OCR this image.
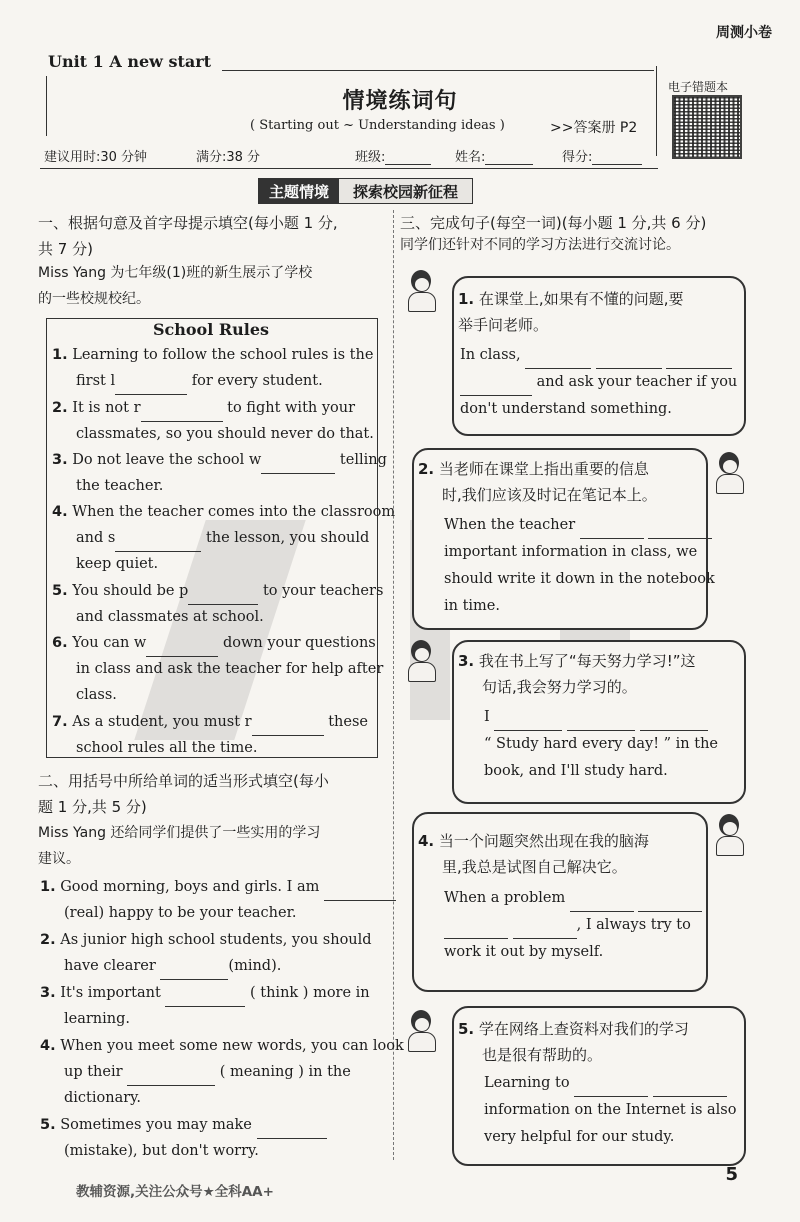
周测小卷
Unit 1 A new start
情境练词句
( Starting out ~ Understanding ideas )	>>答案册 P2
电子错题本
建议用时:30 分钟	满分:38 分	班级:	姓名:	得分:
主题情境	探索校园新征程
一、根据句意及首字母提示填空(每小题 1 分,
共 7 分)
Miss Yang 为七年级(1)班的新生展示了学校
的一些校规校纪。
School Rules
1. Learning to follow the school rules is the
first l	for every student.
2. It is not r	to fight with your
classmates, so you should never do that.
3. Do not leave the school w	telling
the teacher.
4. When the teacher comes into the classroom
and s	the lesson, you should
keep quiet.
5. You should be p	to your teachers
and classmates at school.
6. You can w	down your questions
in class and ask the teacher for help after
class.
7. As a student, you must r	these
school rules all the time.
二、用括号中所给单词的适当形式填空(每小
题 1 分,共 5 分)
Miss Yang 还给同学们提供了一些实用的学习
建议。
1. Good morning, boys and girls. I am
(real) happy to be your teacher.
2. As junior high school students, you should
have clearer	(mind).
3. It's important	( think ) more in
learning.
4. When you meet some new words, you can look
up their	( meaning ) in the
dictionary.
5. Sometimes you may make
(mistake), but don't worry.
三、完成句子(每空一词)(每小题 1 分,共 6 分)
同学们还针对不同的学习方法进行交流讨论。
1. 在课堂上,如果有不懂的问题,要
举手问老师。
In class,
and ask your teacher if you
don't understand something.
2. 当老师在课堂上指出重要的信息
时,我们应该及时记在笔记本上。
When the teacher
important information in class, we
should write it down in the notebook
in time.
3. 我在书上写了“每天努力学习!”这
句话,我会努力学习的。
I
“ Study hard every day! ” in the
book, and I'll study hard.
4. 当一个问题突然出现在我的脑海
里,我总是试图自己解决它。
When a problem
, I always try to
work it out by myself.
5. 学在网络上查资料对我们的学习
也是很有帮助的。
Learning to
information on the Internet is also
very helpful for our study.
5
教辅资源,关注公众号★全科AA+
